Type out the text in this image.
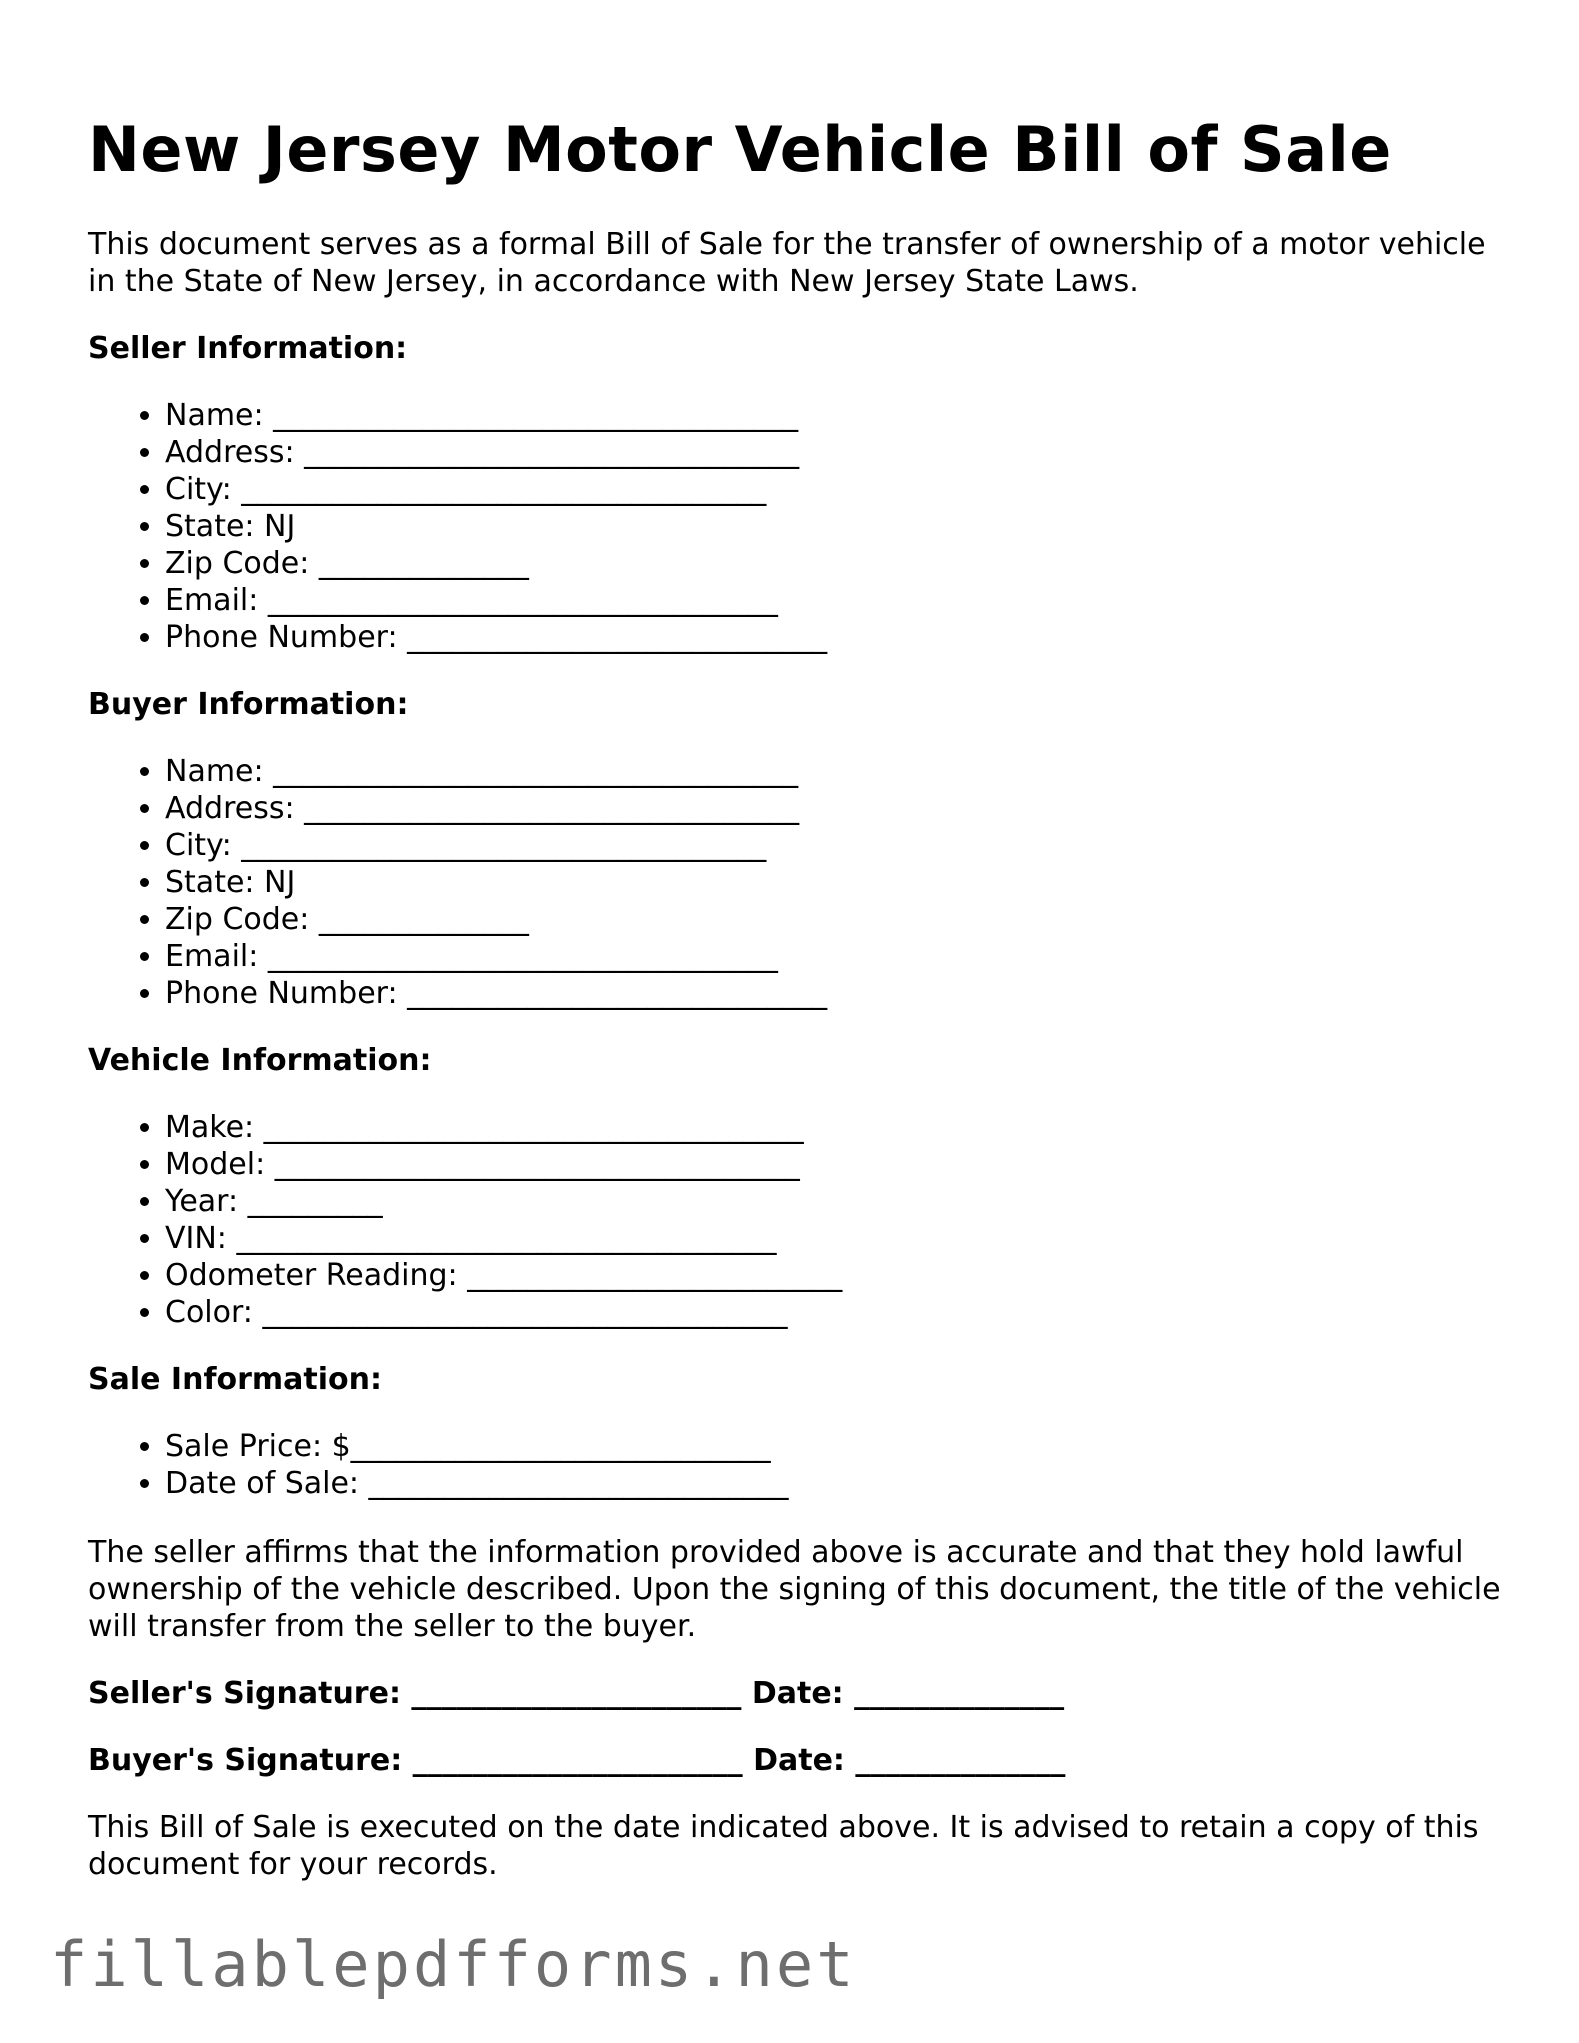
New Jersey Motor Vehicle Bill of Sale

This document serves as a formal Bill of Sale for the transfer of ownership of a motor vehicle in the State of New Jersey, in accordance with New Jersey State Laws.

Seller Information:
• Name: ___________________________________
• Address: _________________________________
• City: ___________________________________
• State: NJ
• Zip Code: ______________
• Email: __________________________________
• Phone Number: ____________________________
Buyer Information:
• Name: ___________________________________
• Address: _________________________________
• City: ___________________________________
• State: NJ
• Zip Code: ______________
• Email: __________________________________
• Phone Number: ____________________________
Vehicle Information:
• Make: ____________________________________
• Model: ___________________________________
• Year: _________
• VIN: ____________________________________
• Odometer Reading: _________________________
• Color: ___________________________________
Sale Information:
• Sale Price: $____________________________
• Date of Sale: ____________________________

The seller affirms that the information provided above is accurate and that they hold lawful ownership of the vehicle described. Upon the signing of this document, the title of the vehicle will transfer from the seller to the buyer.

Seller's Signature: ______________________ Date: ______________
Buyer's Signature: ______________________ Date: ______________

This Bill of Sale is executed on the date indicated above. It is advised to retain a copy of this document for your records.

fillablepdfforms.net
